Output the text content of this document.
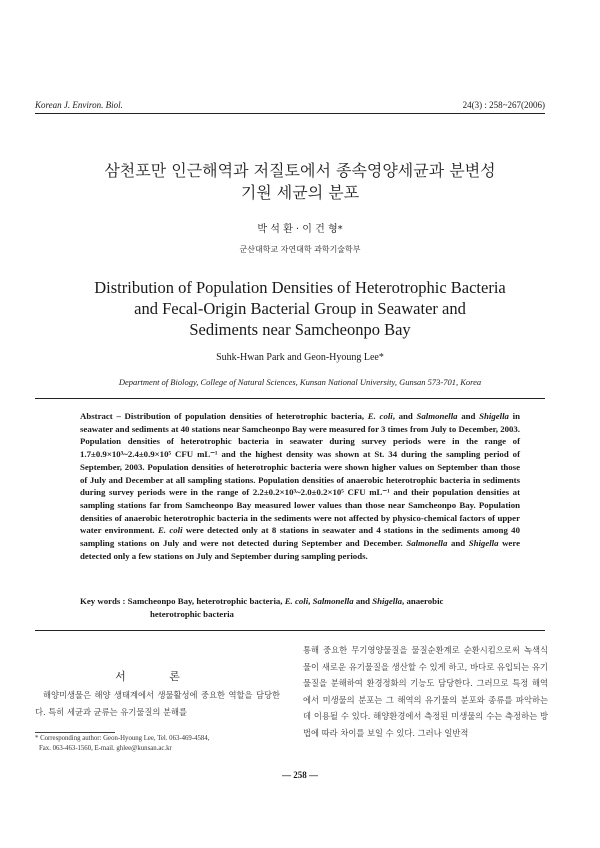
Korean J. Environ. Biol.	24(3) : 258~267(2006)
삼천포만 인근해역과 저질토에서 종속영양세균과 분변성
기원 세균의 분포
박 석 환 · 이 건 형*
군산대학교 자연대학 과학기술학부
Distribution of Population Densities of Heterotrophic Bacteria
and Fecal-Origin Bacterial Group in Seawater and
Sediments near Samcheonpo Bay
Suhk-Hwan Park and Geon-Hyoung Lee*
Department of Biology, College of Natural Sciences, Kunsan National University, Gunsan 573-701, Korea
Abstract – Distribution of population densities of heterotrophic bacteria, E. coli, and Salmonella and Shigella in seawater and sediments at 40 stations near Samcheonpo Bay were measured for 3 times from July to December, 2003. Population densities of heterotrophic bacteria in seawater during survey periods were in the range of 1.7±0.9×10³~2.4±0.9×10⁵ CFU mL⁻¹ and the highest density was shown at St. 34 during the sampling period of September, 2003. Population densities of heterotrophic bacteria were shown higher values on September than those of July and December at all sampling stations. Population densities of anaerobic heterotrophic bacteria in sediments during survey periods were in the range of 2.2±0.2×10³~2.0±0.2×10⁵ CFU mL⁻¹ and their population densities at sampling stations far from Samcheonpo Bay measured lower values than those near Samcheonpo Bay. Population densities of anaerobic heterotrophic bacteria in the sediments were not affected by physico-chemical factors of upper water environment. E. coli were detected only at 8 stations in seawater and 4 stations in the sediments among 40 sampling stations on July and were not detected during September and December. Salmonella and Shigella were detected only a few stations on July and September during sampling periods.
Key words : Samcheonpo Bay, heterotrophic bacteria, E. coli, Salmonella and Shigella, anaerobic
heterotrophic bacteria
서 론
해양미생물은 해양 생태계에서 생물활성에 중요한 역할을 담당한다. 특히 세균과 균류는 유기물질의 분해를
통해 중요한 무기영양물질을 물질순환계로 순환시킴으로써 녹색식물이 새로운 유기물질을 생산할 수 있게 하고, 바다로 유입되는 유기물질을 분해하여 환경정화의 기능도 담당한다. 그러므로 특정 해역에서 미생물의 분포는 그 해역의 유기물의 분포와 종류를 파악하는데 이용될 수 있다. 해양환경에서 측정된 미생물의 수는 측정하는 방법에 따라 차이를 보일 수 있다. 그러나 일반적
* Corresponding author: Geon-Hyoung Lee, Tel. 063-469-4584,
Fax. 063-463-1560, E-mail. ghlee@kunsan.ac.kr
— 258 —
